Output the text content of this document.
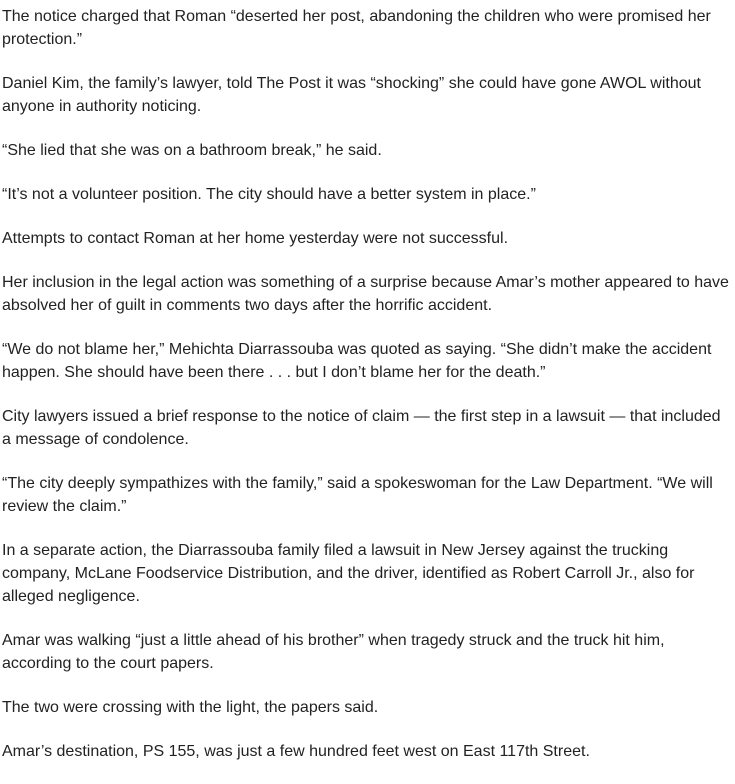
The notice charged that Roman “deserted her post, abandoning the children who were promised her protection.”

Daniel Kim, the family’s lawyer, told The Post it was “shocking” she could have gone AWOL without anyone in authority noticing.

“She lied that she was on a bathroom break,” he said.

“It’s not a volunteer position. The city should have a better system in place.”

Attempts to contact Roman at her home yesterday were not successful.

Her inclusion in the legal action was something of a surprise because Amar’s mother appeared to have absolved her of guilt in comments two days after the horrific accident.

“We do not blame her,” Mehichta Diarrassouba was quoted as saying. “She didn’t make the accident happen. She should have been there . . . but I don’t blame her for the death.”

City lawyers issued a brief response to the notice of claim — the first step in a lawsuit — that included a message of condolence.

“The city deeply sympathizes with the family,” said a spokeswoman for the Law Department. “We will review the claim.”

In a separate action, the Diarrassouba family filed a lawsuit in New Jersey against the trucking company, McLane Foodservice Distribution, and the driver, identified as Robert Carroll Jr., also for alleged negligence.

Amar was walking “just a little ahead of his brother” when tragedy struck and the truck hit him, according to the court papers.

The two were crossing with the light, the papers said.

Amar’s destination, PS 155, was just a few hundred feet west on East 117th Street.
